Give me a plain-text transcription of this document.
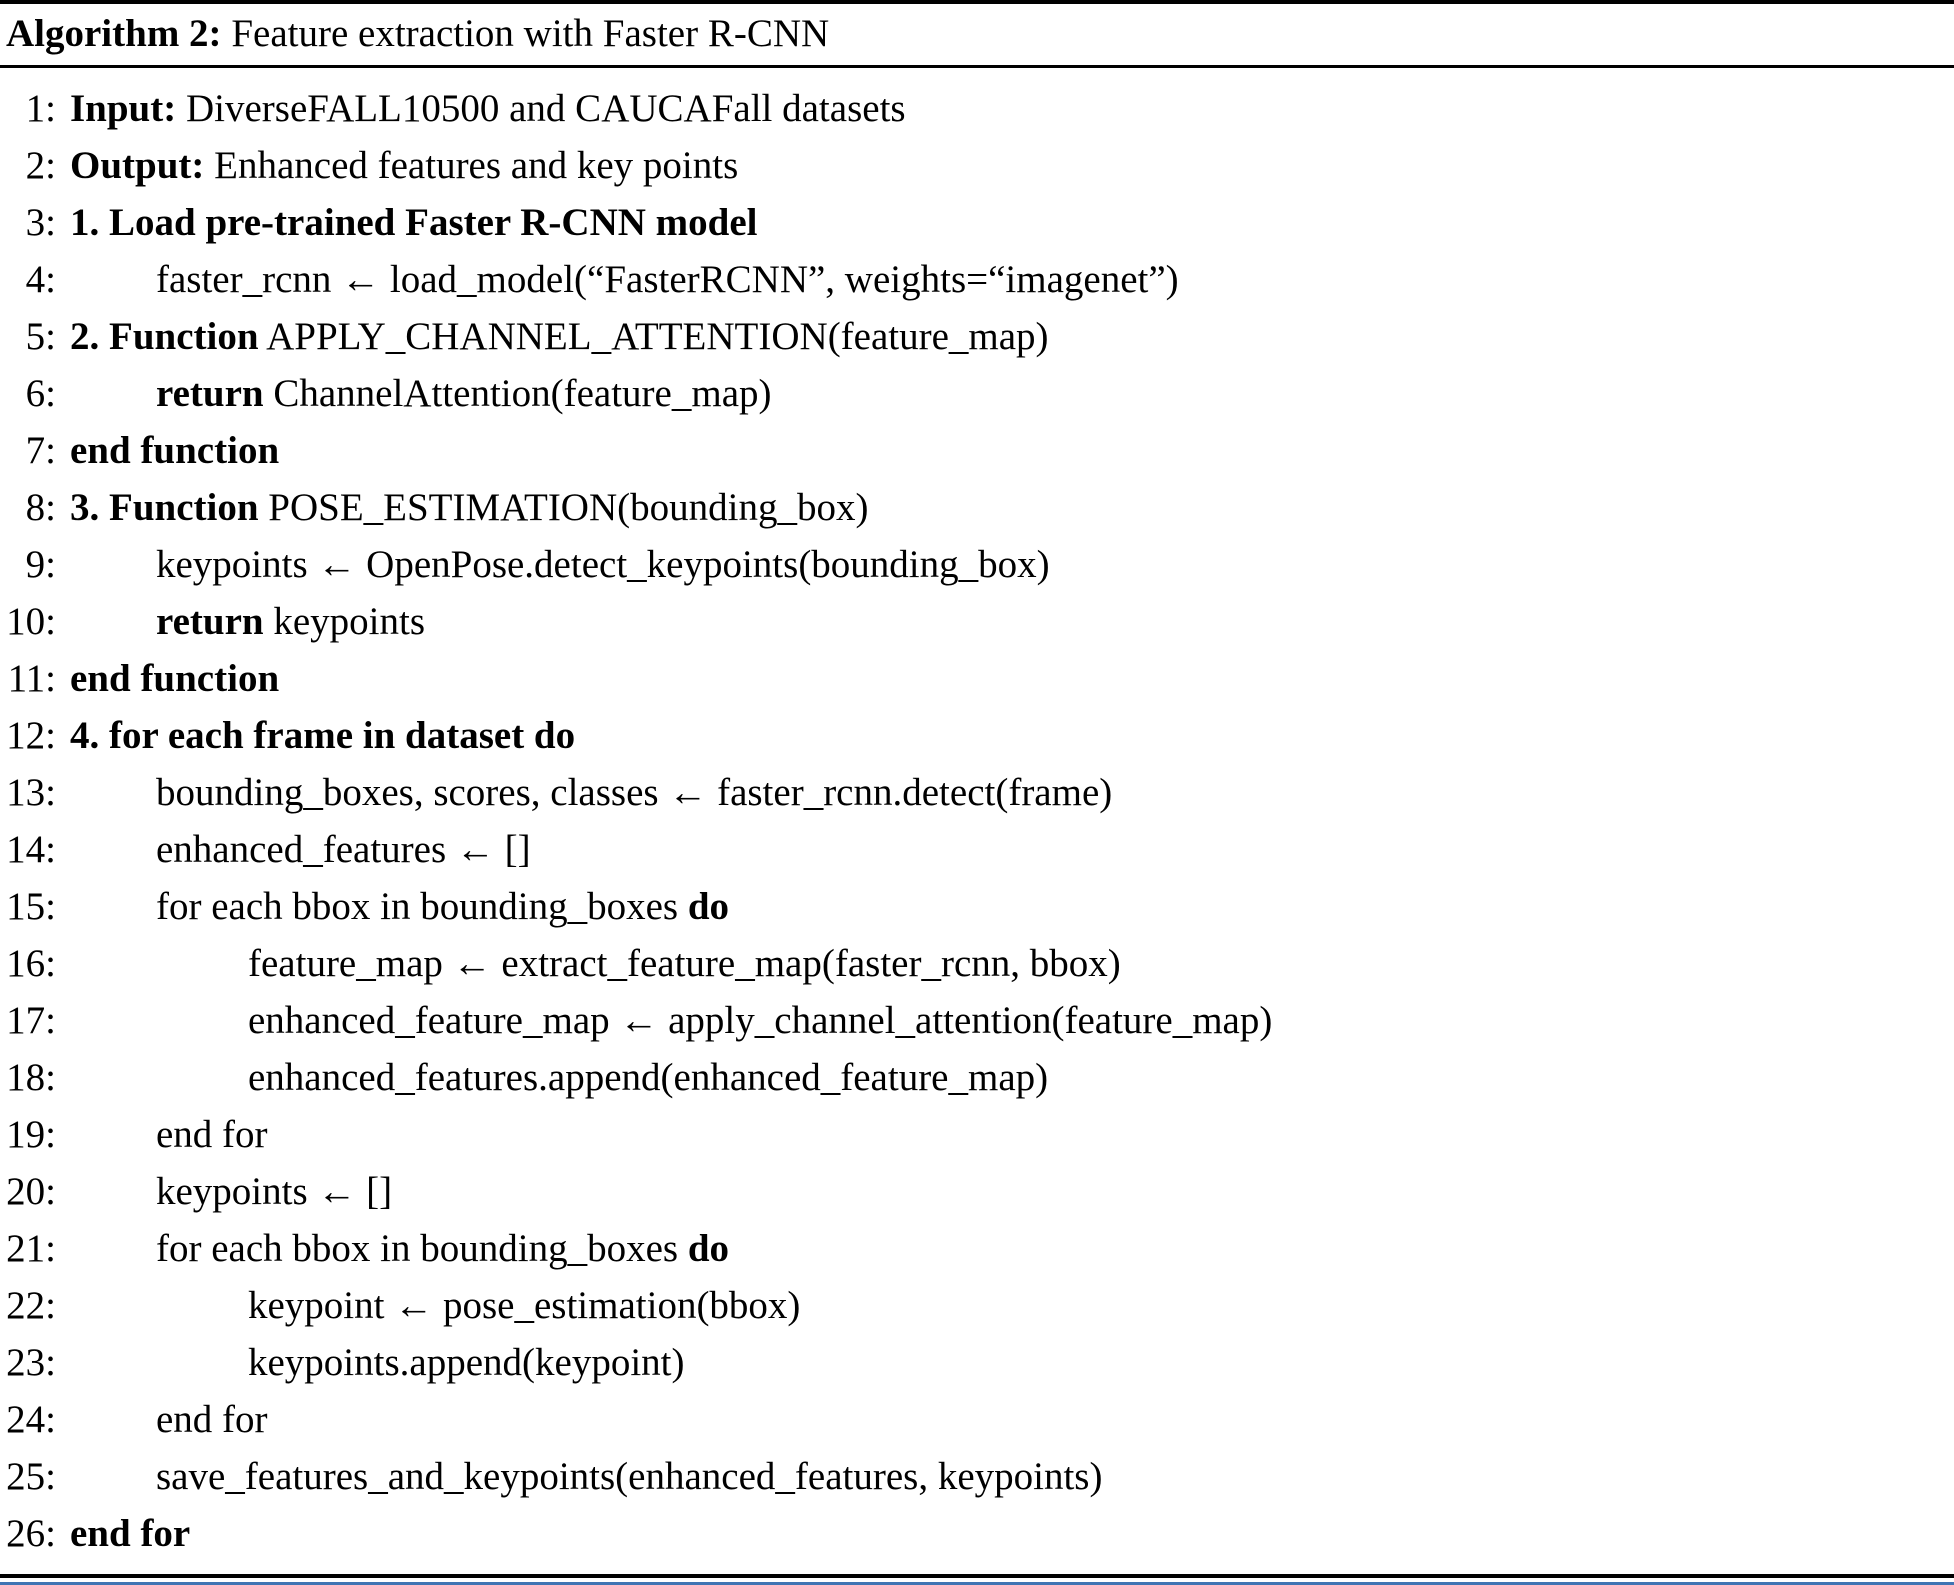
Algorithm 2: Feature extraction with Faster R-CNN
1: Input: DiverseFALL10500 and CAUCAFall datasets
2: Output: Enhanced features and key points
3: 1. Load pre-trained Faster R-CNN model
4:	faster_rcnn ← load_model(“FasterRCNN”, weights=“imagenet”)
5: 2. Function APPLY_CHANNEL_ATTENTION(feature_map)
6:	return ChannelAttention(feature_map)
7: end function
8: 3. Function POSE_ESTIMATION(bounding_box)
9:	keypoints ← OpenPose.detect_keypoints(bounding_box)
10:	return keypoints
11: end function
12: 4. for each frame in dataset do
13:	bounding_boxes, scores, classes ← faster_rcnn.detect(frame)
14:	enhanced_features ← []
15:	for each bbox in bounding_boxes do
16:	feature_map ← extract_feature_map(faster_rcnn, bbox)
17:	enhanced_feature_map ← apply_channel_attention(feature_map)
18:	enhanced_features.append(enhanced_feature_map)
19:	end for
20:	keypoints ← []
21:	for each bbox in bounding_boxes do
22:	keypoint ← pose_estimation(bbox)
23:	keypoints.append(keypoint)
24:	end for
25:	save_features_and_keypoints(enhanced_features, keypoints)
26: end for
